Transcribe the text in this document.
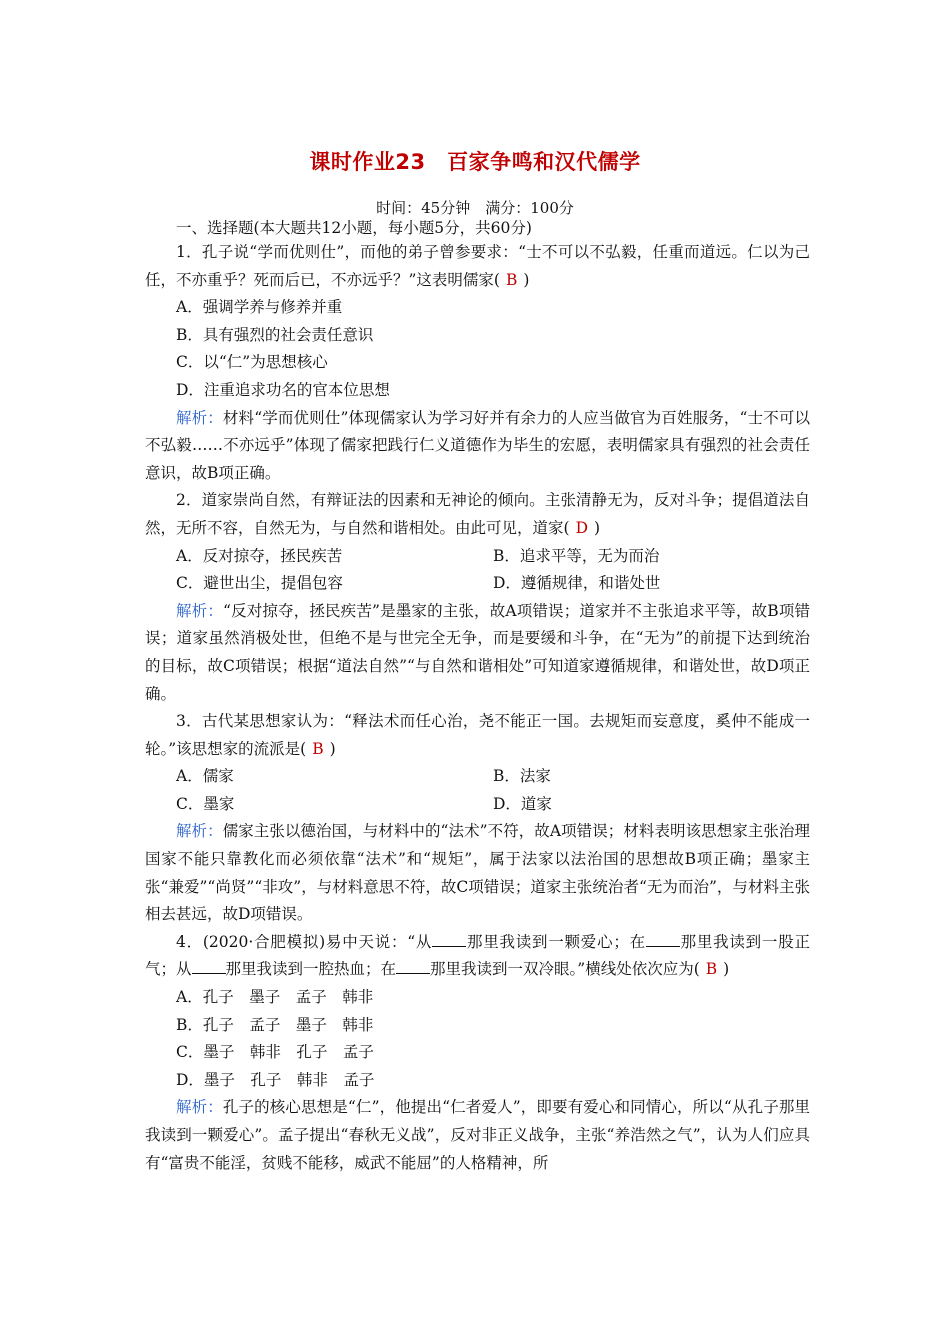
课时作业23　百家争鸣和汉代儒学
时间：45分钟　满分：100分

一、选择题(本大题共12小题，每小题5分，共60分)

1．孔子说“学而优则仕”，而他的弟子曾参要求：“士不可以不弘毅，任重而道远。仁以为己任，不亦重乎？死而后已，不亦远乎？”这表明儒家( B )

A．强调学养与修养并重

B．具有强烈的社会责任意识

C．以“仁”为思想核心

D．注重追求功名的官本位思想

解析：材料“学而优则仕”体现儒家认为学习好并有余力的人应当做官为百姓服务，“士不可以不弘毅……不亦远乎”体现了儒家把践行仁义道德作为毕生的宏愿，表明儒家具有强烈的社会责任意识，故B项正确。

2．道家崇尚自然，有辩证法的因素和无神论的倾向。主张清静无为，反对斗争；提倡道法自然，无所不容，自然无为，与自然和谐相处。由此可见，道家( D )

A．反对掠夺，拯民疾苦	B．追求平等，无为而治
C．避世出尘，提倡包容	D．遵循规律，和谐处世

解析：“反对掠夺，拯民疾苦”是墨家的主张，故A项错误；道家并不主张追求平等，故B项错误；道家虽然消极处世，但绝不是与世完全无争，而是要缓和斗争，在“无为”的前提下达到统治的目标，故C项错误；根据“道法自然”“与自然和谐相处”可知道家遵循规律，和谐处世，故D项正确。

3．古代某思想家认为：“释法术而任心治，尧不能正一国。去规矩而妄意度，奚仲不能成一轮。”该思想家的流派是( B )

A．儒家	B．法家
C．墨家	D．道家

解析：儒家主张以德治国，与材料中的“法术”不符，故A项错误；材料表明该思想家主张治理国家不能只靠教化而必须依靠“法术”和“规矩”，属于法家以法治国的思想故B项正确；墨家主张“兼爱”“尚贤”“非攻”，与材料意思不符，故C项错误；道家主张统治者“无为而治”，与材料主张相去甚远，故D项错误。

4．(2020·合肥模拟)易中天说：“从 那里我读到一颗爱心；在 那里我读到一股正气；从 那里我读到一腔热血；在 那里我读到一双冷眼。”横线处依次应为( B )

A．孔子　墨子　孟子　韩非

B．孔子　孟子　墨子　韩非

C．墨子　韩非　孔子　孟子

D．墨子　孔子　韩非　孟子

解析：孔子的核心思想是“仁”，他提出“仁者爱人”，即要有爱心和同情心，所以“从孔子那里我读到一颗爱心”。孟子提出“春秋无义战”，反对非正义战争，主张“养浩然之气”，认为人们应具有“富贵不能淫，贫贱不能移，威武不能屈”的人格精神，所
